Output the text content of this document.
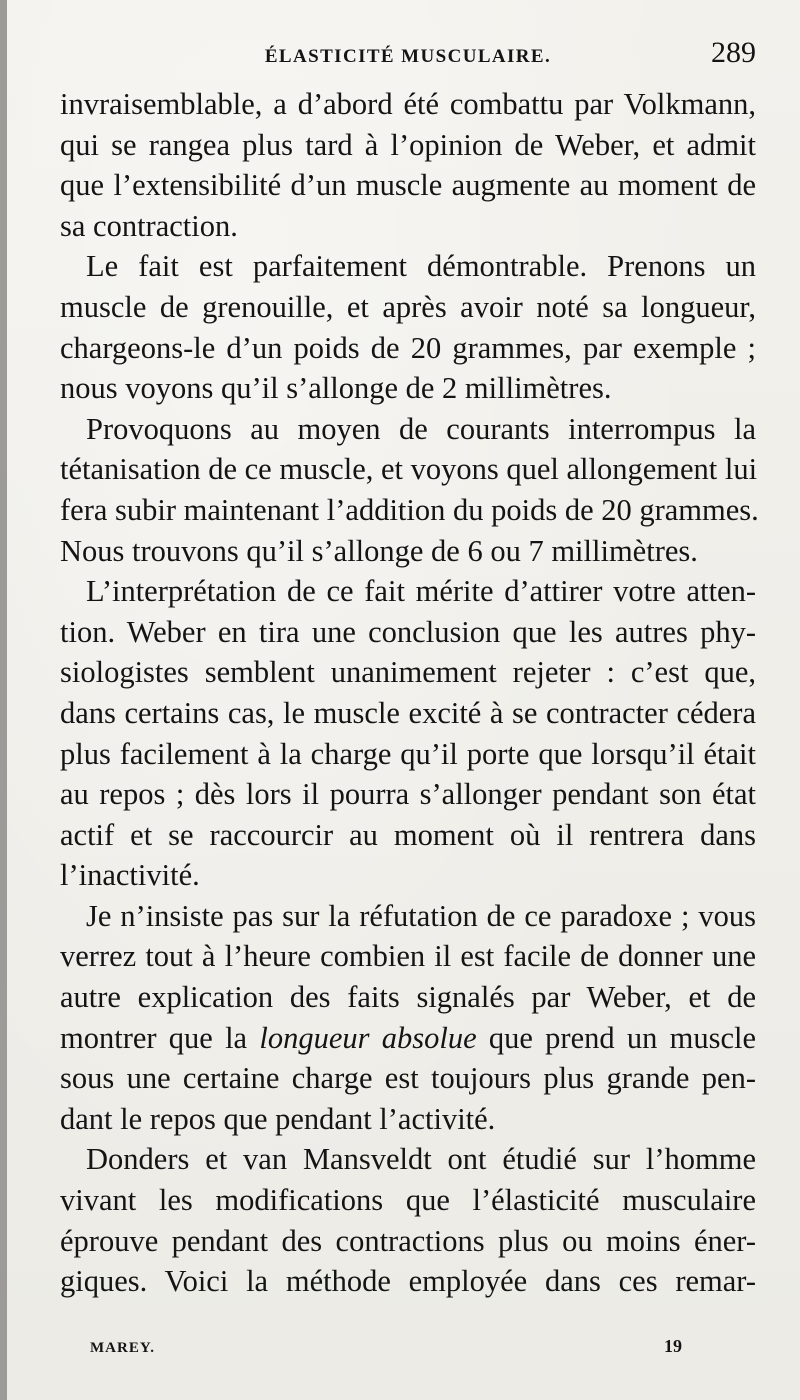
ÉLASTICITÉ MUSCULAIRE.	289
invraisemblable, a d’abord été combattu par Volkmann,
qui se rangea plus tard à l’opinion de Weber, et admit
que l’extensibilité d’un muscle augmente au moment de
sa contraction.
Le fait est parfaitement démontrable. Prenons un
muscle de grenouille, et après avoir noté sa longueur,
chargeons-le d’un poids de 20 grammes, par exemple ;
nous voyons qu’il s’allonge de 2 millimètres.
Provoquons au moyen de courants interrompus la
tétanisation de ce muscle, et voyons quel allongement lui
fera subir maintenant l’addition du poids de 20 grammes.
Nous trouvons qu’il s’allonge de 6 ou 7 millimètres.
L’interprétation de ce fait mérite d’attirer votre atten-
tion. Weber en tira une conclusion que les autres phy-
siologistes semblent unanimement rejeter : c’est que,
dans certains cas, le muscle excité à se contracter cédera
plus facilement à la charge qu’il porte que lorsqu’il était
au repos ; dès lors il pourra s’allonger pendant son état
actif et se raccourcir au moment où il rentrera dans
l’inactivité.
Je n’insiste pas sur la réfutation de ce paradoxe ; vous
verrez tout à l’heure combien il est facile de donner une
autre explication des faits signalés par Weber, et de
montrer que la longueur absolue que prend un muscle
sous une certaine charge est toujours plus grande pen-
dant le repos que pendant l’activité.
Donders et van Mansveldt ont étudié sur l’homme
vivant les modifications que l’élasticité musculaire
éprouve pendant des contractions plus ou moins éner-
giques. Voici la méthode employée dans ces remar-
MAREY.	19
